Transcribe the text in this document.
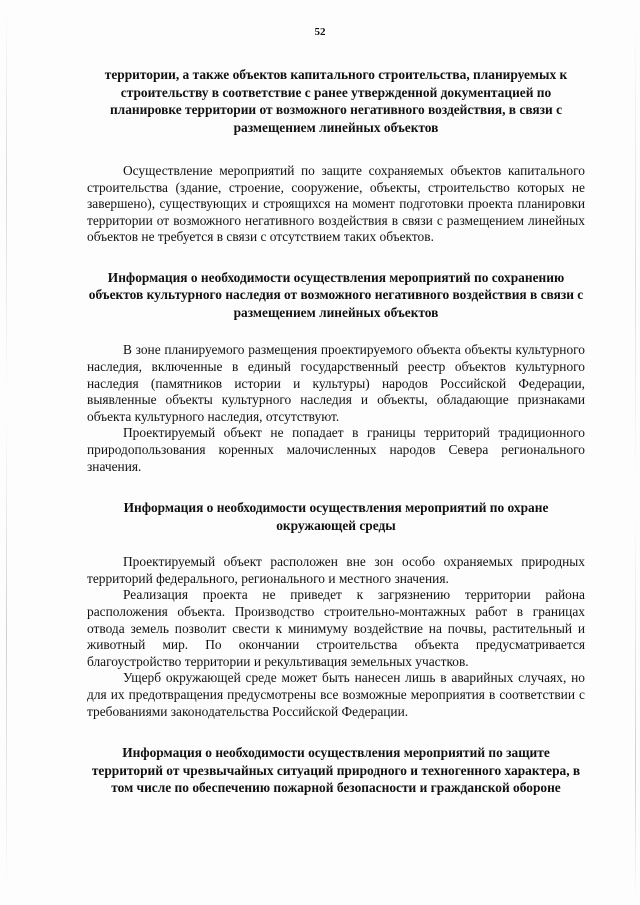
52

территории, а также объектов капитального строительства, планируемых к строительству в соответствие с ранее утвержденной документацией по планировке территории от возможного негативного воздействия, в связи с размещением линейных объектов

Осуществление мероприятий по защите сохраняемых объектов капитального строительства (здание, строение, сооружение, объекты, строительство которых не завершено), существующих и строящихся на момент подготовки проекта планировки территории от возможного негативного воздействия в связи с размещением линейных объектов не требуется в связи с отсутствием таких объектов.

Информация о необходимости осуществления мероприятий по сохранению объектов культурного наследия от возможного негативного воздействия в связи с размещением линейных объектов

В зоне планируемого размещения проектируемого объекта объекты культурного наследия, включенные в единый государственный реестр объектов культурного наследия (памятников истории и культуры) народов Российской Федерации, выявленные объекты культурного наследия и объекты, обладающие признаками объекта культурного наследия, отсутствуют.

Проектируемый объект не попадает в границы территорий традиционного природопользования коренных малочисленных народов Севера регионального значения.

Информация о необходимости осуществления мероприятий по охране окружающей среды

Проектируемый объект расположен вне зон особо охраняемых природных территорий федерального, регионального и местного значения.

Реализация проекта не приведет к загрязнению территории района расположения объекта. Производство строительно-монтажных работ в границах отвода земель позволит свести к минимуму воздействие на почвы, растительный и животный мир. По окончании строительства объекта предусматривается благоустройство территории и рекультивация земельных участков.

Ущерб окружающей среде может быть нанесен лишь в аварийных случаях, но для их предотвращения предусмотрены все возможные мероприятия в соответствии с требованиями законодательства Российской Федерации.

Информация о необходимости осуществления мероприятий по защите территорий от чрезвычайных ситуаций природного и техногенного характера, в том числе по обеспечению пожарной безопасности и гражданской обороне
